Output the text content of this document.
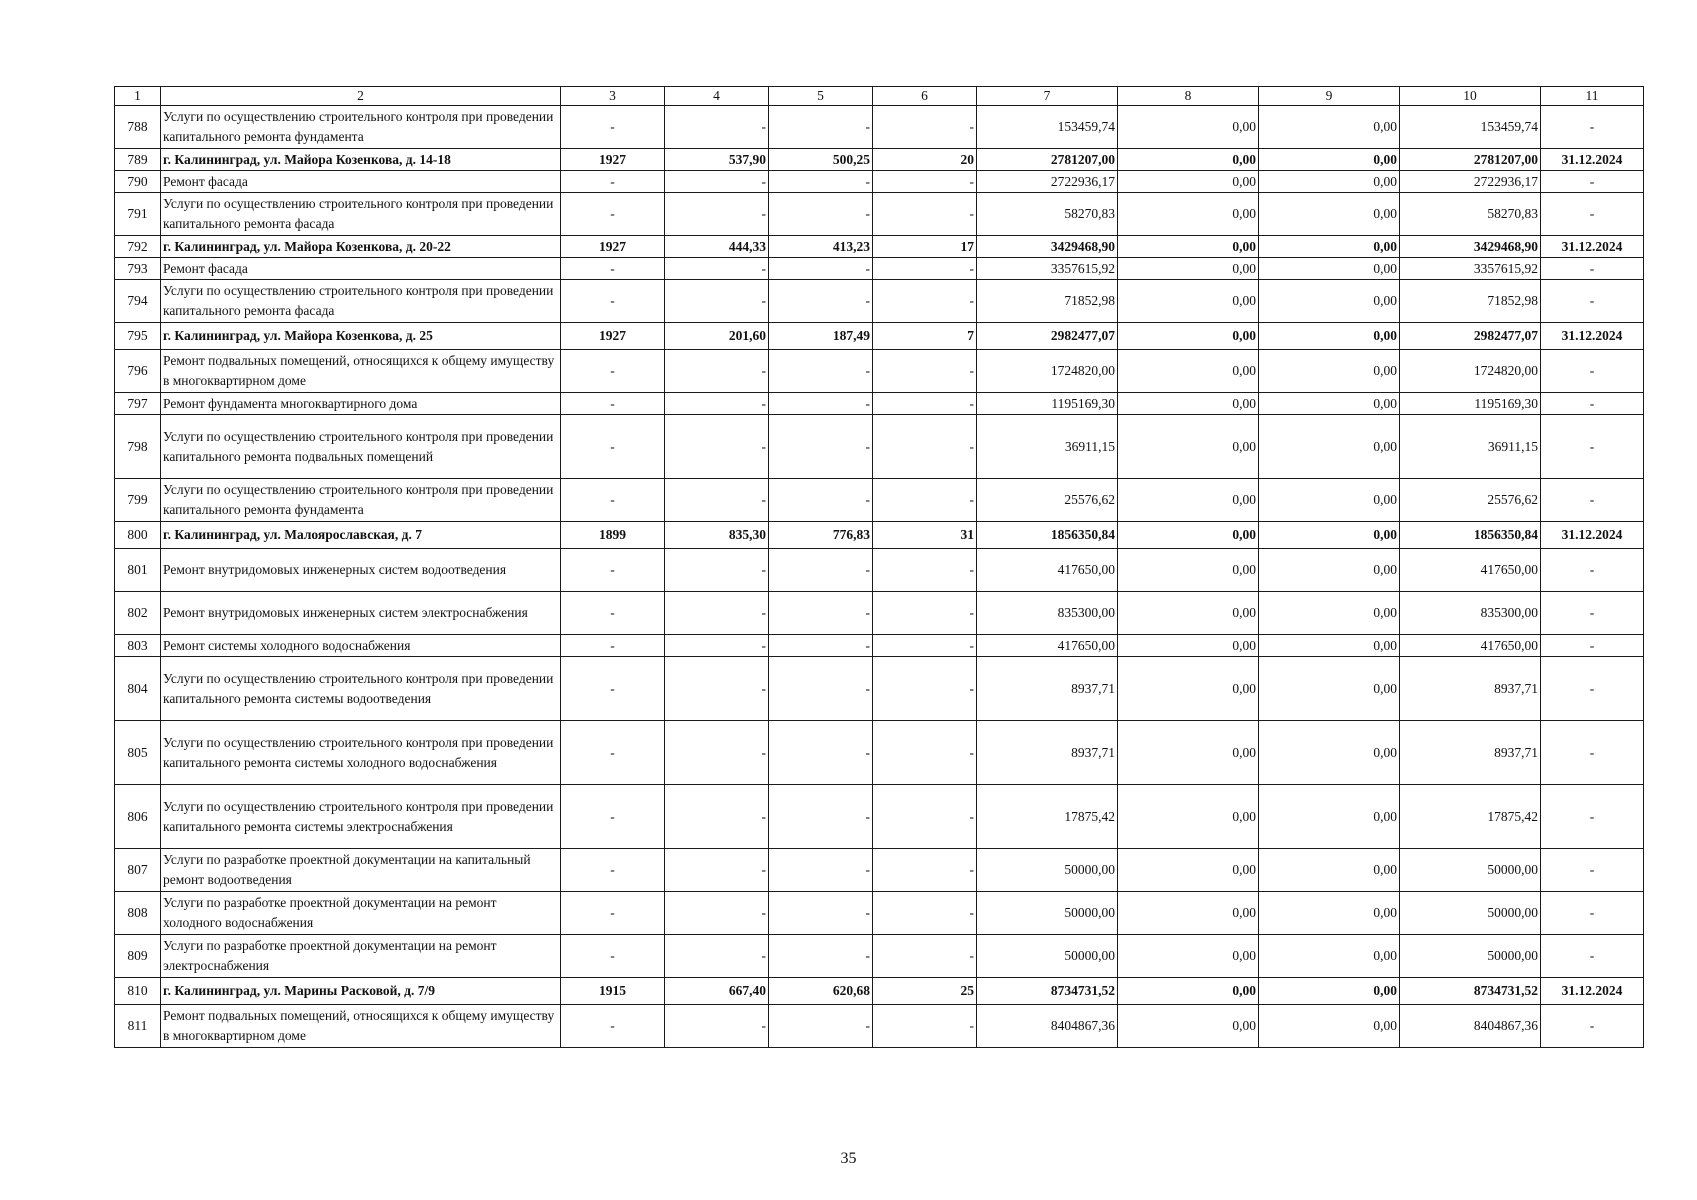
1	2	3	4	5	6	7	8	9	10	11
788	Услуги по осуществлению строительного контроля при проведении капитального ремонта фундамента	-	-	-	-	153459,74	0,00	0,00	153459,74	-
789	г. Калининград, ул. Майора Козенкова, д. 14-18	1927	537,90	500,25	20	2781207,00	0,00	0,00	2781207,00	31.12.2024
790	Ремонт фасада	-	-	-	-	2722936,17	0,00	0,00	2722936,17	-
791	Услуги по осуществлению строительного контроля при проведении капитального ремонта фасада	-	-	-	-	58270,83	0,00	0,00	58270,83	-
792	г. Калининград, ул. Майора Козенкова, д. 20-22	1927	444,33	413,23	17	3429468,90	0,00	0,00	3429468,90	31.12.2024
793	Ремонт фасада	-	-	-	-	3357615,92	0,00	0,00	3357615,92	-
794	Услуги по осуществлению строительного контроля при проведении капитального ремонта фасада	-	-	-	-	71852,98	0,00	0,00	71852,98	-
795	г. Калининград, ул. Майора Козенкова, д. 25	1927	201,60	187,49	7	2982477,07	0,00	0,00	2982477,07	31.12.2024
796	Ремонт подвальных помещений, относящихся к общему имуществу в многоквартирном доме	-	-	-	-	1724820,00	0,00	0,00	1724820,00	-
797	Ремонт фундамента многоквартирного дома	-	-	-	-	1195169,30	0,00	0,00	1195169,30	-
798	Услуги по осуществлению строительного контроля при проведении капитального ремонта подвальных помещений	-	-	-	-	36911,15	0,00	0,00	36911,15	-
799	Услуги по осуществлению строительного контроля при проведении капитального ремонта фундамента	-	-	-	-	25576,62	0,00	0,00	25576,62	-
800	г. Калининград, ул. Малоярославская, д. 7	1899	835,30	776,83	31	1856350,84	0,00	0,00	1856350,84	31.12.2024
801	Ремонт внутридомовых инженерных систем водоотведения	-	-	-	-	417650,00	0,00	0,00	417650,00	-
802	Ремонт внутридомовых инженерных систем электроснабжения	-	-	-	-	835300,00	0,00	0,00	835300,00	-
803	Ремонт системы холодного водоснабжения	-	-	-	-	417650,00	0,00	0,00	417650,00	-
804	Услуги по осуществлению строительного контроля при проведении капитального ремонта системы водоотведения	-	-	-	-	8937,71	0,00	0,00	8937,71	-
805	Услуги по осуществлению строительного контроля при проведении капитального ремонта системы холодного водоснабжения	-	-	-	-	8937,71	0,00	0,00	8937,71	-
806	Услуги по осуществлению строительного контроля при проведении капитального ремонта системы электроснабжения	-	-	-	-	17875,42	0,00	0,00	17875,42	-
807	Услуги по разработке проектной документации на капитальный ремонт водоотведения	-	-	-	-	50000,00	0,00	0,00	50000,00	-
808	Услуги по разработке проектной документации на ремонт холодного водоснабжения	-	-	-	-	50000,00	0,00	0,00	50000,00	-
809	Услуги по разработке проектной документации на ремонт электроснабжения	-	-	-	-	50000,00	0,00	0,00	50000,00	-
810	г. Калининград, ул. Марины Расковой, д. 7/9	1915	667,40	620,68	25	8734731,52	0,00	0,00	8734731,52	31.12.2024
811	Ремонт подвальных помещений, относящихся к общему имуществу в многоквартирном доме	-	-	-	-	8404867,36	0,00	0,00	8404867,36	-
35
